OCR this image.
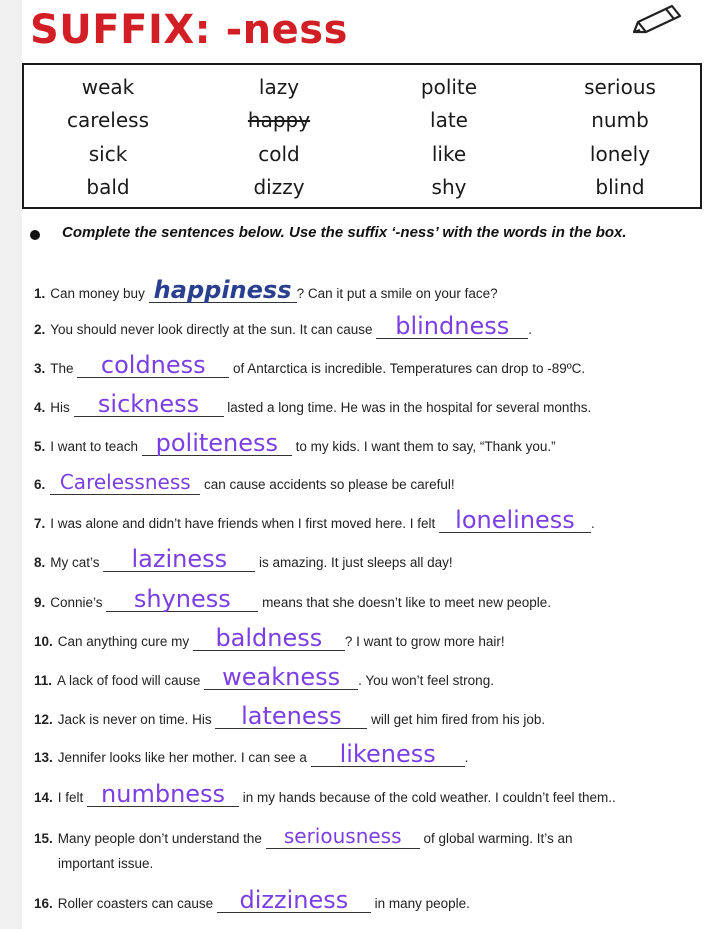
SUFFIX: -ness
weak	lazy	polite	serious
careless	happy	late	numb
sick	cold	like	lonely
bald	dizzy	shy	blind
Complete the sentences below. Use the suffix ‘-ness’ with the words in the box.
1. Can money buy happiness ? Can it put a smile on your face?
2. You should never look directly at the sun. It can cause blindness .
3. The coldness of Antarctica is incredible. Temperatures can drop to -89ºC.
4. His sickness lasted a long time. He was in the hospital for several months.
5. I want to teach politeness to my kids. I want them to say, “Thank you.”
6. Carelessness can cause accidents so please be careful!
7. I was alone and didn’t have friends when I first moved here. I felt loneliness .
8. My cat’s laziness is amazing. It just sleeps all day!
9. Connie’s shyness means that she doesn’t like to meet new people.
10. Can anything cure my baldness ? I want to grow more hair!
11. A lack of food will cause weakness . You won’t feel strong.
12. Jack is never on time. His lateness will get him fired from his job.
13. Jennifer looks like her mother. I can see a likeness .
14. I felt numbness in my hands because of the cold weather. I couldn’t feel them..
15. Many people don’t understand the seriousness of global warming. It’s an
important issue.
16. Roller coasters can cause dizziness in many people.
